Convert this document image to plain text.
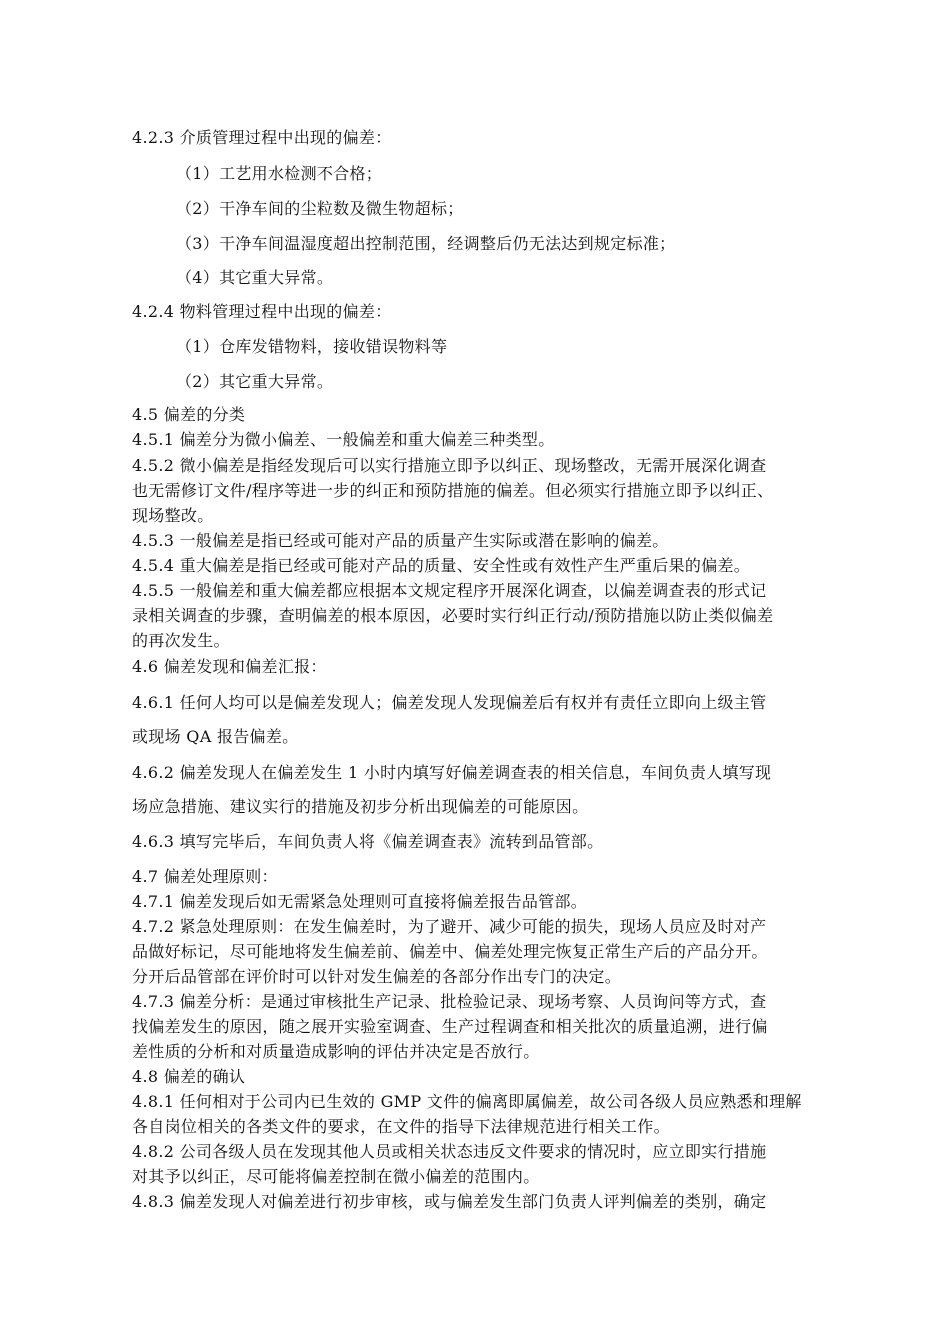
4.2.3 介质管理过程中出现的偏差：
（1）工艺用水检测不合格；
（2）干净车间的尘粒数及微生物超标；
（3）干净车间温湿度超出控制范围，经调整后仍无法达到规定标准；
（4）其它重大异常。
4.2.4 物料管理过程中出现的偏差：
（1）仓库发错物料，接收错误物料等
（2）其它重大异常。
4.5 偏差的分类
4.5.1 偏差分为微小偏差、一般偏差和重大偏差三种类型。
4.5.2 微小偏差是指经发现后可以实行措施立即予以纠正、现场整改，无需开展深化调查
也无需修订文件/程序等进一步的纠正和预防措施的偏差。但必须实行措施立即予以纠正、
现场整改。
4.5.3 一般偏差是指已经或可能对产品的质量产生实际或潜在影响的偏差。
4.5.4 重大偏差是指已经或可能对产品的质量、安全性或有效性产生严重后果的偏差。
4.5.5 一般偏差和重大偏差都应根据本文规定程序开展深化调查，以偏差调查表的形式记
录相关调查的步骤，查明偏差的根本原因，必要时实行纠正行动/预防措施以防止类似偏差
的再次发生。
4.6 偏差发现和偏差汇报：
4.6.1 任何人均可以是偏差发现人；偏差发现人发现偏差后有权并有责任立即向上级主管
或现场 QA 报告偏差。
4.6.2 偏差发现人在偏差发生 1 小时内填写好偏差调查表的相关信息，车间负责人填写现
场应急措施、建议实行的措施及初步分析出现偏差的可能原因。
4.6.3 填写完毕后，车间负责人将《偏差调查表》流转到品管部。
4.7 偏差处理原则：
4.7.1 偏差发现后如无需紧急处理则可直接将偏差报告品管部。
4.7.2 紧急处理原则：在发生偏差时，为了避开、减少可能的损失，现场人员应及时对产
品做好标记，尽可能地将发生偏差前、偏差中、偏差处理完恢复正常生产后的产品分开。
分开后品管部在评价时可以针对发生偏差的各部分作出专门的决定。
4.7.3 偏差分析：是通过审核批生产记录、批检验记录、现场考察、人员询问等方式，查
找偏差发生的原因，随之展开实验室调查、生产过程调查和相关批次的质量追溯，进行偏
差性质的分析和对质量造成影响的评估并决定是否放行。
4.8 偏差的确认
4.8.1 任何相对于公司内已生效的 GMP 文件的偏离即属偏差，故公司各级人员应熟悉和理解
各自岗位相关的各类文件的要求，在文件的指导下法律规范进行相关工作。
4.8.2 公司各级人员在发现其他人员或相关状态违反文件要求的情况时，应立即实行措施
对其予以纠正，尽可能将偏差控制在微小偏差的范围内。
4.8.3 偏差发现人对偏差进行初步审核，或与偏差发生部门负责人评判偏差的类别，确定
